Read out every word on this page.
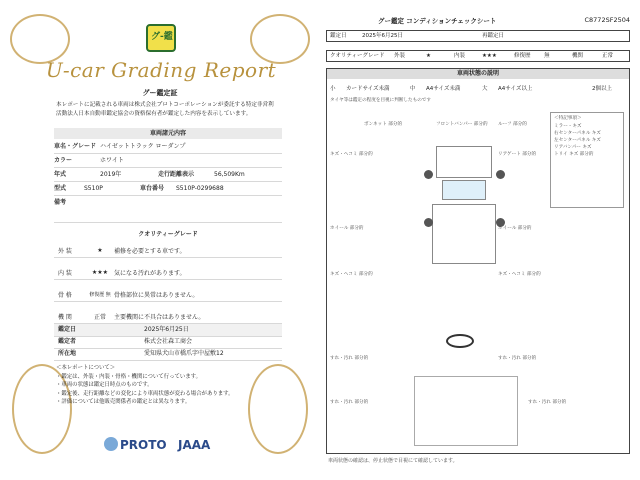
グ-鑑
U-car Grading Report
グー鑑定証
本レポートに記載される車両は株式会社プロトコーポレーションが委託する特定非営利活動法人日本自動車鑑定協会の資格保有者が鑑定した内容を表示しています。
車両諸元内容
車名・グレード ハイゼットトラック ローダンプ
カラー	ホワイト
年式	2019年	走行距離表示	56,509Km
型式	S510P	車台番号	S510P-0299688
備考
クオリティーグレード
外 装	★	補修を必要とする車です。
内 装	★★★ 気になる汚れがあります。
骨 格	修復歴 無 骨格部位に異常はありません。
機 関	正常	主要機関に不具合はありません。
鑑定日	2025年6月25日
鑑定者	株式会社森工商会
所在地	愛知県犬山市橋爪字中屋敷12
＜本レポートについて＞
・鑑定は、外装・内装・骨格・機関について行っています。
・車両の状態は鑑定日時点のものです。
・鑑定後、走行距離などの変化により車両状態が変わる場合があります。
・評価については他販売関係者の鑑定とは異なります。
PROTO JAAA
グー鑑定 コンディションチェックシート	C8772SF2504
鑑定日	2025年6月25日	再鑑定日
クオリティーグレード 外装	★	内装	★★★	修復歴 無	機関	正常
車両状態の説明
小 カードサイズ未満	中 A4サイズ未満	大 A4サイズ以上	2個以上
タイヤ等は鑑定の程度を目視に判断したものです
ボンネット 部分的	フロントバンパー 部分的 ルーフ 部分的
キズ・ヘコミ 部分的	リアゲート 部分的
ホイール 部分的	ホイール 部分的
キズ・ヘコミ 部分的	キズ・ヘコミ 部分的
＜特記事項＞
ミラー・キズ
右センターパネル キズ
左センターパネル キズ
リアバンパー キズ
トリイ キズ 部分的
すれ・汚れ 部分的	すれ・汚れ 部分的
すれ・汚れ 部分的	すれ・汚れ 部分的
車両状態の確認は、停止状態で目視にて確認しています。
